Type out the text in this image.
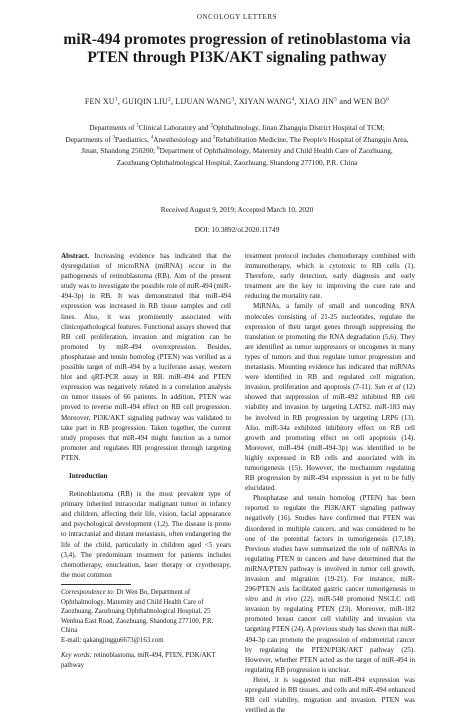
ONCOLOGY LETTERS
miR-494 promotes progression of retinoblastoma via
PTEN through PI3K/AKT signaling pathway
FEN $XU^1$, GUIQIN LIU$^2$, LIJUAN WANG$^3$, XIYAN WANG$^4$, XIAO JIN$^5$ and WEN $BO^6$
Departments of $^1$Clinical Laboratory and $^2$Ophthalmology, Jinan Zhangqiu District Hospital of TCM;
Departments of $^3$Paediatrics, $^4$Anesthesiology and $^5$Rehabilitation Medicine, The People's Hospital of Zhangqiu Area,
Jinan, Shandong 250200; $^6$Department of Ophthalmology, Maternity and Child Health Care of Zaozhuang,
Zaozhuang Ophthalmological Hospital, Zaozhuang, Shandong 277100, P.R. China
Received August 9, 2019; Accepted March 10, 2020
DOI: 10.3892/ol.2020.11749

Abstract. Increasing evidence has indicated that the dysregulation of microRNA (miRNA) occur in the pathogenesis of retinoblastoma (RB). Aim of the present study was to investigate the possible role of miR-494 (miR-494-3p) in RB. It was demonstrated that miR-494 expression was increased in RB tissue samples and cell lines. Also, it was prominently associated with clinicopathological features. Functional assays showed that RB cell proliferation, invasion and migration can be promoted by miR-494 overexpression. Besides, phosphatase and tensin homolog (PTEN) was verified as a possible target of miR-494 by a luciferase assay, western blot and qRT-PCR assay in RB. miR-494 and PTEN expression was negatively related in a correlation analysis on tumor tissues of 66 patients. In addition, PTEN was proved to reverse miR-494 effect on RB cell progression. Moreover, PI3K/AKT signaling pathway was validated to take part in RB progression. Taken together, the current study proposes that miR-494 might function as a tumor promoter and regulates RB progression through targeting PTEN.

Introduction

Retinoblastoma (RB) is the most prevalent type of primary inherited intraocular malignant tumor in infancy and children, affecting their life, vision, facial appearance and psychological development (1,2). The disease is prone to intracranial and distant metastasis, often endangering the life of the child, particularly in children aged <5 years (3,4). The predominant treatment for patients includes chemotherapy, enucleation, laser therapy or cryotherapy, the most common

Correspondence to: Dr Wen Bo, Department of Ophthalmology, Maternity and Child Health Care of Zaozhuang, Zaozhuang Ophthalmological Hospital, 25 Wenhua East Road, Zaozhuang, Shandong 277100, P.R. China
E-mail: qakangjinggu6673@163.com
Key words: retinoblastoma, miR-494, PTEN, PI3K/AKT pathway

treatment protocol includes chemotherapy combined with immunotherapy, which is cytotoxic to RB cells (1). Therefore, early detection, early diagnosis and early treatment are the key to improving the cure rate and reducing the mortality rate.

MiRNAs, a family of small and noncoding RNA molecules consisting of 21-25 nucleotides, regulate the expression of their target genes through suppressing the translation or promoting the RNA degradation (5,6). They are identified as tumor suppressors or oncogenes in many types of tumors and thus regulate tumor progression and metastasis. Mounting evidence has indicated that miRNAs were identified in RB and regulated cell migration, invasion, proliferation and apoptosis (7-11). Sun et al (12) showed that suppression of miR-492 inhibited RB cell viability and invasion by targeting LATS2. miR-183 may be involved in RB progression by targeting LRP6 (13). Also, miR-34a exhibited inhibitory effect on RB cell growth and promoting effect on cell apoptosis (14). Moreover, miR-494 (miR-494-3p) was identified to be highly expressed in RB cells and associated with its tumorigenesis (15). However, the mechanism regulating RB progression by miR-494 expression is yet to be fully elucidated.

Phosphatase and tensin homolog (PTEN) has been reported to regulate the PI3K/AKT signaling pathway negatively (16). Studies have confirmed that PTEN was disordered in multiple cancers, and was considered to be one of the potential factors in tumorigenesis (17,18). Previous studies have summarized the role of miRNAs in regulating PTEN in cancers and have determined that the miRNA/PTEN pathway is involved in tumor cell growth, invasion and migration (19-21). For instance, miR-296/PTEN axis facilitated gastric cancer tumorigenesis in vitro and in vivo (22). miR-548 promoted NSCLC cell invasion by regulating PTEN (23). Moreover, miR-182 promoted breast cancer cell viability and invasion via targeting PTEN (24). A previous study has shown that miR-494-3p can promote the progression of endometrial cancer by regulating the PTEN/PI3K/AKT pathway (25). However, whether PTEN acted as the target of miR-494 in regulating RB progression is unclear.

Herei, it is suggested that miR-494 expression was upregulated in RB tissues, and cells and miR-494 enhanced RB cell viability, migration and invasion. PTEN was verified as the
